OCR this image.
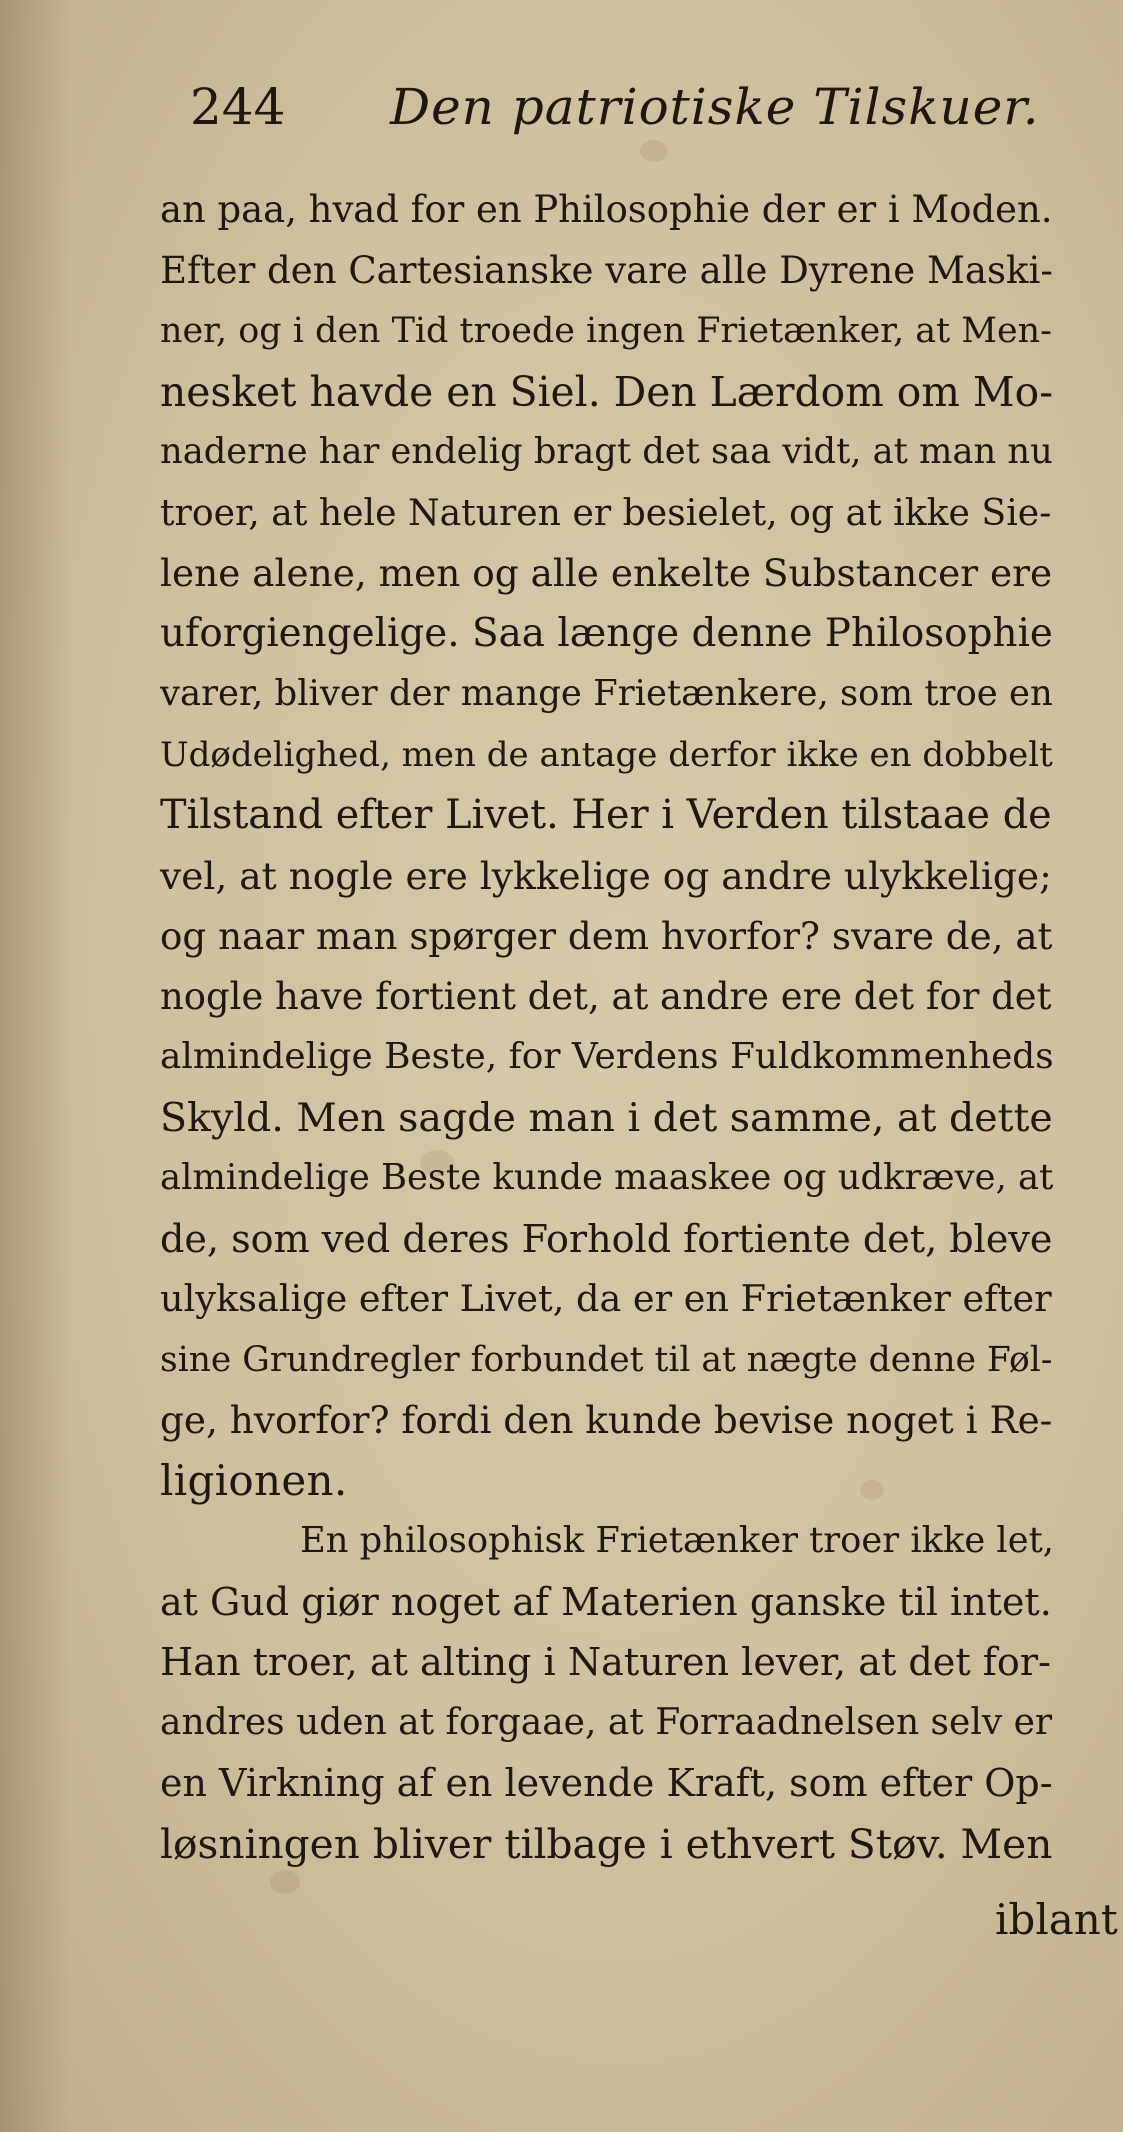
244 Den patriotiske Tilskuer.
an paa, hvad for en Philosophie der er i Moden.
Efter den Cartesianske vare alle Dyrene Maski-
ner, og i den Tid troede ingen Frietænker, at Men-
nesket havde en Siel. Den Lærdom om Mo-
naderne har endelig bragt det saa vidt, at man nu
troer, at hele Naturen er besielet, og at ikke Sie-
lene alene, men og alle enkelte Substancer ere
uforgiengelige. Saa længe denne Philosophie
varer, bliver der mange Frietænkere, som troe en
Udødelighed, men de antage derfor ikke en dobbelt
Tilstand efter Livet. Her i Verden tilstaae de
vel, at nogle ere lykkelige og andre ulykkelige;
og naar man spørger dem hvorfor? svare de, at
nogle have fortient det, at andre ere det for det
almindelige Beste, for Verdens Fuldkommenheds
Skyld. Men sagde man i det samme, at dette
almindelige Beste kunde maaskee og udkræve, at
de, som ved deres Forhold fortiente det, bleve
ulyksalige efter Livet, da er en Frietænker efter
sine Grundregler forbundet til at nægte denne Føl-
ge, hvorfor? fordi den kunde bevise noget i Re-
ligionen.
En philosophisk Frietænker troer ikke let,
at Gud giør noget af Materien ganske til intet.
Han troer, at alting i Naturen lever, at det for-
andres uden at forgaae, at Forraadnelsen selv er
en Virkning af en levende Kraft, som efter Op-
løsningen bliver tilbage i ethvert Støv. Men
iblant
